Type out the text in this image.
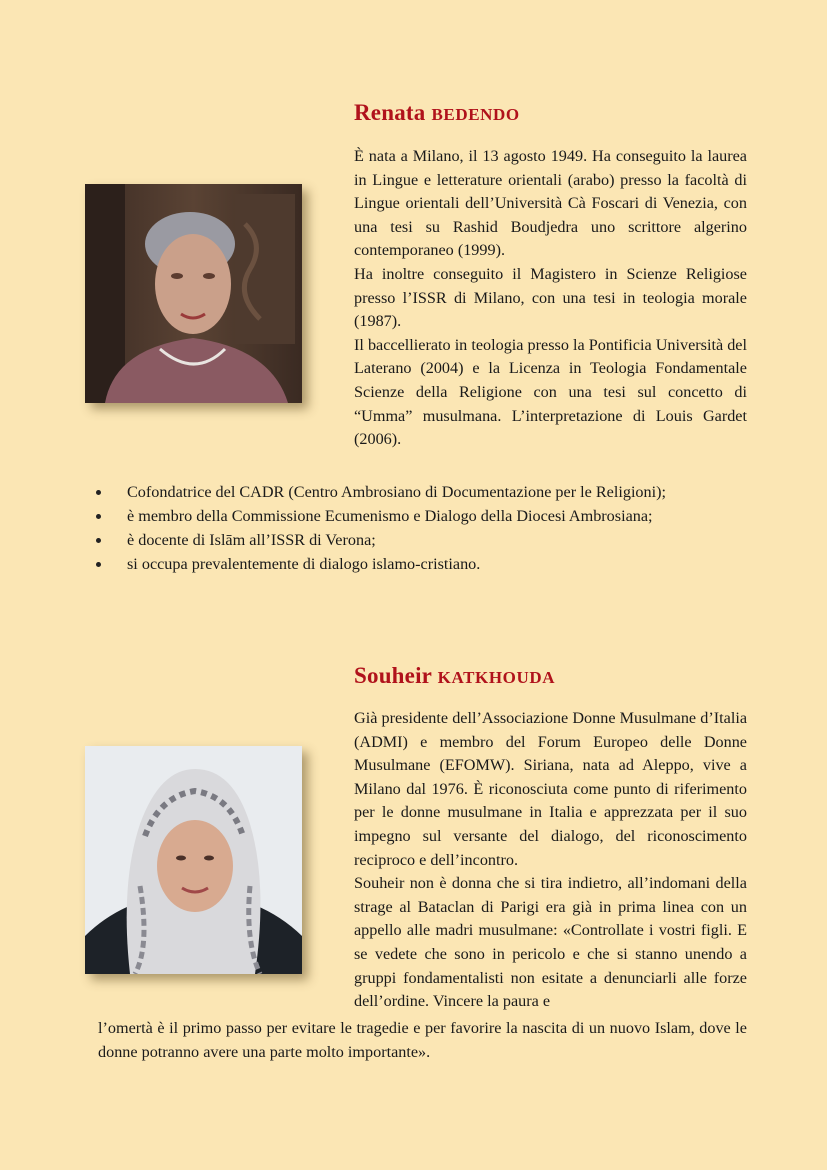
Renata BEDENDO

È nata a Milano, il 13 agosto 1949. Ha conseguito la laurea in Lingue e letterature orientali (arabo) presso la facoltà di Lingue orientali dell’Università Cà Foscari di Venezia, con una tesi su Rashid Boudjedra uno scrittore algerino contemporaneo (1999).

Ha inoltre conseguito il Magistero in Scienze Religiose presso l’ISSR di Milano, con una tesi in teologia morale (1987).

Il baccellierato in teologia presso la Pontificia Università del Laterano (2004) e la Licenza in Teologia Fondamentale Scienze della Religione con una tesi sul concetto di “Umma” musulmana. L’interpretazione di Louis Gardet (2006).

Cofondatrice del CADR (Centro Ambrosiano di Documentazione per le Religioni);
è membro della Commissione Ecumenismo e Dialogo della Diocesi Ambrosiana;
è docente di Islām all’ISSR di Verona;
si occupa prevalentemente di dialogo islamo-cristiano.
Souheir KATKHOUDA

Già presidente dell’Associazione Donne Musulmane d’Italia (ADMI) e membro del Forum Europeo delle Donne Musulmane (EFOMW). Siriana, nata ad Aleppo, vive a Milano dal 1976. È riconosciuta come punto di riferimento per le donne musulmane in Italia e apprezzata per il suo impegno sul versante del dialogo, del riconoscimento reciproco e dell’incontro.

Souheir non è donna che si tira indietro, all’indomani della strage al Bataclan di Parigi era già in prima linea con un appello alle madri musulmane: «Controllate i vostri figli. E se vedete che sono in pericolo e che si stanno unendo a gruppi fondamentalisti non esitate a denunciarli alle forze dell’ordine. Vincere la paura e

l’omertà è il primo passo per evitare le tragedie e per favorire la nascita di un nuovo Islam, dove le donne potranno avere una parte molto importante».
